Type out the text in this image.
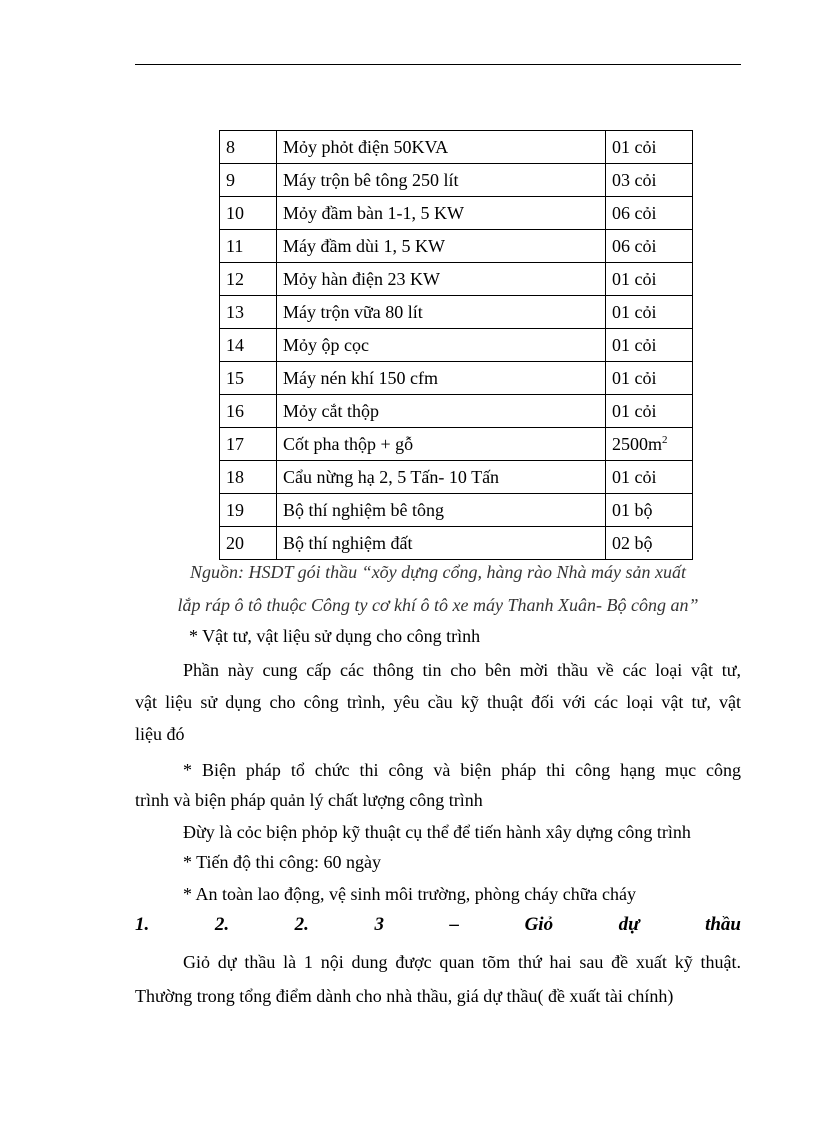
8	Mỏy phỏt điện 50KVA	01 cỏi
9	Máy trộn bê tông 250 lít	03 cỏi
10	Mỏy đầm bàn 1-1, 5 KW	06 cỏi
11	Máy đầm dùi 1, 5 KW	06 cỏi
12	Mỏy hàn điện 23 KW	01 cỏi
13	Máy trộn vữa 80 lít	01 cỏi
14	Mỏy ộp cọc	01 cỏi
15	Máy nén khí 150 cfm	01 cỏi
16	Mỏy cắt thộp	01 cỏi
17	Cốt pha thộp + gỗ	$2500m^2$
18	Cẩu nừng hạ 2, 5 Tấn- 10 Tấn	01 cỏi
19	Bộ thí nghiệm bê tông	01 bộ
20	Bộ thí nghiệm đất	02 bộ
Nguồn: HSDT gói thầu “xõy dựng cổng, hàng rào Nhà máy sản xuất
lắp ráp ô tô thuộc Công ty cơ khí ô tô xe máy Thanh Xuân- Bộ công an”
* Vật tư, vật liệu sử dụng cho công trình
Phần này cung cấp các thông tin cho bên mời thầu về các loại vật tư,
vật liệu sử dụng cho công trình, yêu cầu kỹ thuật đối với các loại vật tư, vật
liệu đó
* Biện pháp tổ chức thi công và biện pháp thi công hạng mục công
trình và biện pháp quản lý chất lượng công trình
Đừy là cỏc biện phỏp kỹ thuật cụ thể để tiến hành xây dựng công trình
* Tiến độ thi công: 60 ngày
* An toàn lao động, vệ sinh môi trường, phòng cháy chữa cháy
1.	2.	2.	3	–	Giỏ	dự	thầu
Giỏ dự thầu là 1 nội dung được quan tõm thứ hai sau đề xuất kỹ thuật.
Thường trong tổng điểm dành cho nhà thầu, giá dự thầu( đề xuất tài chính)
